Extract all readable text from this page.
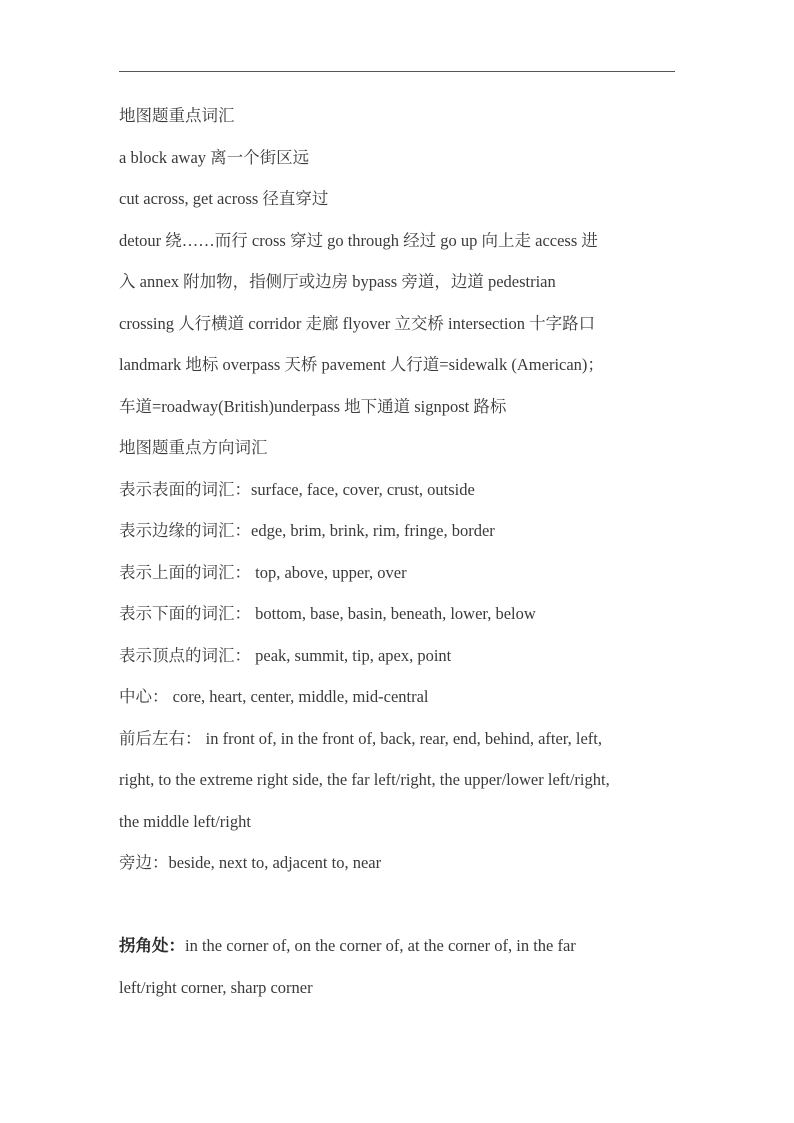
地图题重点词汇
a block away 离一个街区远
cut across, get across 径直穿过
detour 绕……而行 cross 穿过 go through 经过 go up 向上走 access 进
入 annex 附加物，指侧厅或边房 bypass 旁道，边道 pedestrian
crossing 人行横道 corridor 走廊 flyover 立交桥 intersection 十字路口
landmark 地标 overpass 天桥 pavement 人行道=sidewalk (American)；
车道=roadway(British)underpass 地下通道 signpost 路标
地图题重点方向词汇
表示表面的词汇：surface, face, cover, crust, outside
表示边缘的词汇：edge, brim, brink, rim, fringe, border
表示上面的词汇： top, above, upper, over
表示下面的词汇： bottom, base, basin, beneath, lower, below
表示顶点的词汇： peak, summit, tip, apex, point
中心： core, heart, center, middle, mid-central
前后左右： in front of, in the front of, back, rear, end, behind, after, left,
right, to the extreme right side, the far left/right, the upper/lower left/right,
the middle left/right
旁边：beside, next to, adjacent to, near
拐角处：in the corner of, on the corner of, at the corner of, in the far
left/right corner, sharp corner
